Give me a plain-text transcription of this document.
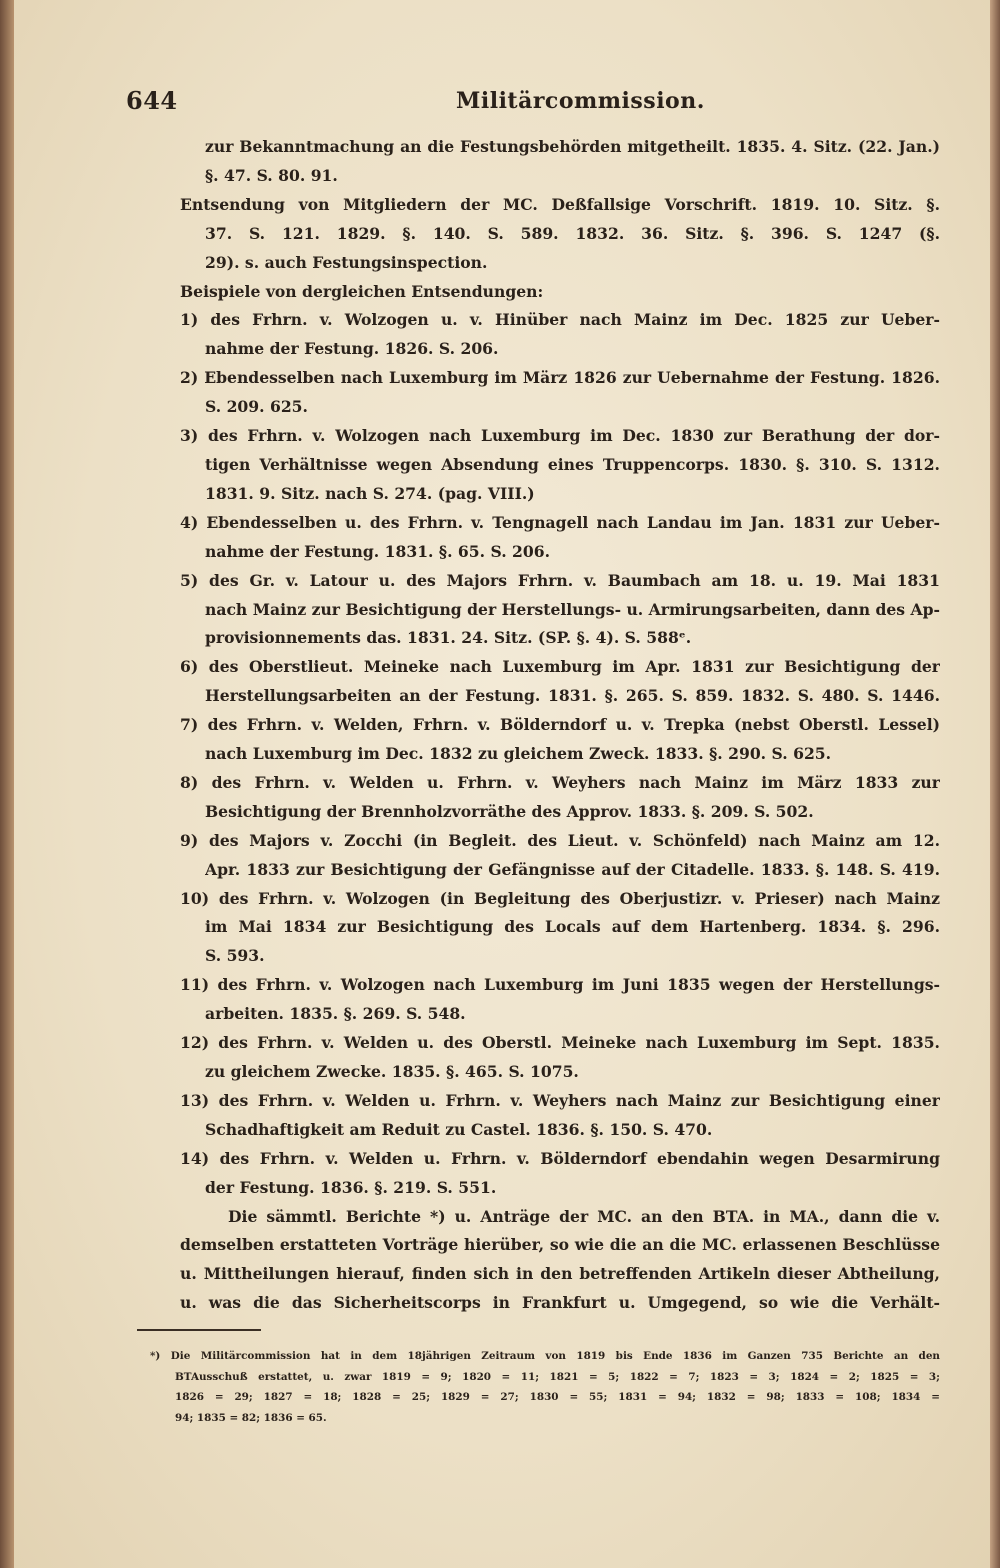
644	Militärcommission.
zur Bekanntmachung an die Festungsbehörden mitgetheilt. 1835. 4. Sitz. (22. Jan.)
§. 47. S. 80. 91.
Entsendung von Mitgliedern der MC. Deßfallsige Vorschrift. 1819. 10. Sitz. §.
37. S. 121. 1829. §. 140. S. 589. 1832. 36. Sitz. §. 396. S. 1247 (§.
29). s. auch Festungsinspection.
Beispiele von dergleichen Entsendungen:
1) des Frhrn. v. Wolzogen u. v. Hinüber nach Mainz im Dec. 1825 zur Ueber-
nahme der Festung. 1826. S. 206.
2) Ebendesselben nach Luxemburg im März 1826 zur Uebernahme der Festung. 1826.
S. 209. 625.
3) des Frhrn. v. Wolzogen nach Luxemburg im Dec. 1830 zur Berathung der dor-
tigen Verhältnisse wegen Absendung eines Truppencorps. 1830. §. 310. S. 1312.
1831. 9. Sitz. nach S. 274. (pag. VIII.)
4) Ebendesselben u. des Frhrn. v. Tengnagell nach Landau im Jan. 1831 zur Ueber-
nahme der Festung. 1831. §. 65. S. 206.
5) des Gr. v. Latour u. des Majors Frhrn. v. Baumbach am 18. u. 19. Mai 1831
nach Mainz zur Besichtigung der Herstellungs- u. Armirungsarbeiten, dann des Ap-
provisionnements das. 1831. 24. Sitz. (SP. §. 4). S. 588ᵉ.
6) des Oberstlieut. Meineke nach Luxemburg im Apr. 1831 zur Besichtigung der
Herstellungsarbeiten an der Festung. 1831. §. 265. S. 859. 1832. S. 480. S. 1446.
7) des Frhrn. v. Welden, Frhrn. v. Bölderndorf u. v. Trepka (nebst Oberstl. Lessel)
nach Luxemburg im Dec. 1832 zu gleichem Zweck. 1833. §. 290. S. 625.
8) des Frhrn. v. Welden u. Frhrn. v. Weyhers nach Mainz im März 1833 zur
Besichtigung der Brennholzvorräthe des Approv. 1833. §. 209. S. 502.
9) des Majors v. Zocchi (in Begleit. des Lieut. v. Schönfeld) nach Mainz am 12.
Apr. 1833 zur Besichtigung der Gefängnisse auf der Citadelle. 1833. §. 148. S. 419.
10) des Frhrn. v. Wolzogen (in Begleitung des Oberjustizr. v. Prieser) nach Mainz
im Mai 1834 zur Besichtigung des Locals auf dem Hartenberg. 1834. §. 296.
S. 593.
11) des Frhrn. v. Wolzogen nach Luxemburg im Juni 1835 wegen der Herstellungs-
arbeiten. 1835. §. 269. S. 548.
12) des Frhrn. v. Welden u. des Oberstl. Meineke nach Luxemburg im Sept. 1835.
zu gleichem Zwecke. 1835. §. 465. S. 1075.
13) des Frhrn. v. Welden u. Frhrn. v. Weyhers nach Mainz zur Besichtigung einer
Schadhaftigkeit am Reduit zu Castel. 1836. §. 150. S. 470.
14) des Frhrn. v. Welden u. Frhrn. v. Bölderndorf ebendahin wegen Desarmirung
der Festung. 1836. §. 219. S. 551.
Die sämmtl. Berichte *) u. Anträge der MC. an den BTA. in MA., dann die v.
demselben erstatteten Vorträge hierüber, so wie die an die MC. erlassenen Beschlüsse
u. Mittheilungen hierauf, finden sich in den betreffenden Artikeln dieser Abtheilung,
u. was die das Sicherheitscorps in Frankfurt u. Umgegend, so wie die Verhält-
*) Die Militärcommission hat in dem 18jährigen Zeitraum von 1819 bis Ende 1836 im Ganzen 735 Berichte an den
BTAusschuß erstattet, u. zwar 1819 = 9; 1820 = 11; 1821 = 5; 1822 = 7; 1823 = 3; 1824 = 2; 1825 = 3;
1826 = 29; 1827 = 18; 1828 = 25; 1829 = 27; 1830 = 55; 1831 = 94; 1832 = 98; 1833 = 108; 1834 =
94; 1835 = 82; 1836 = 65.
